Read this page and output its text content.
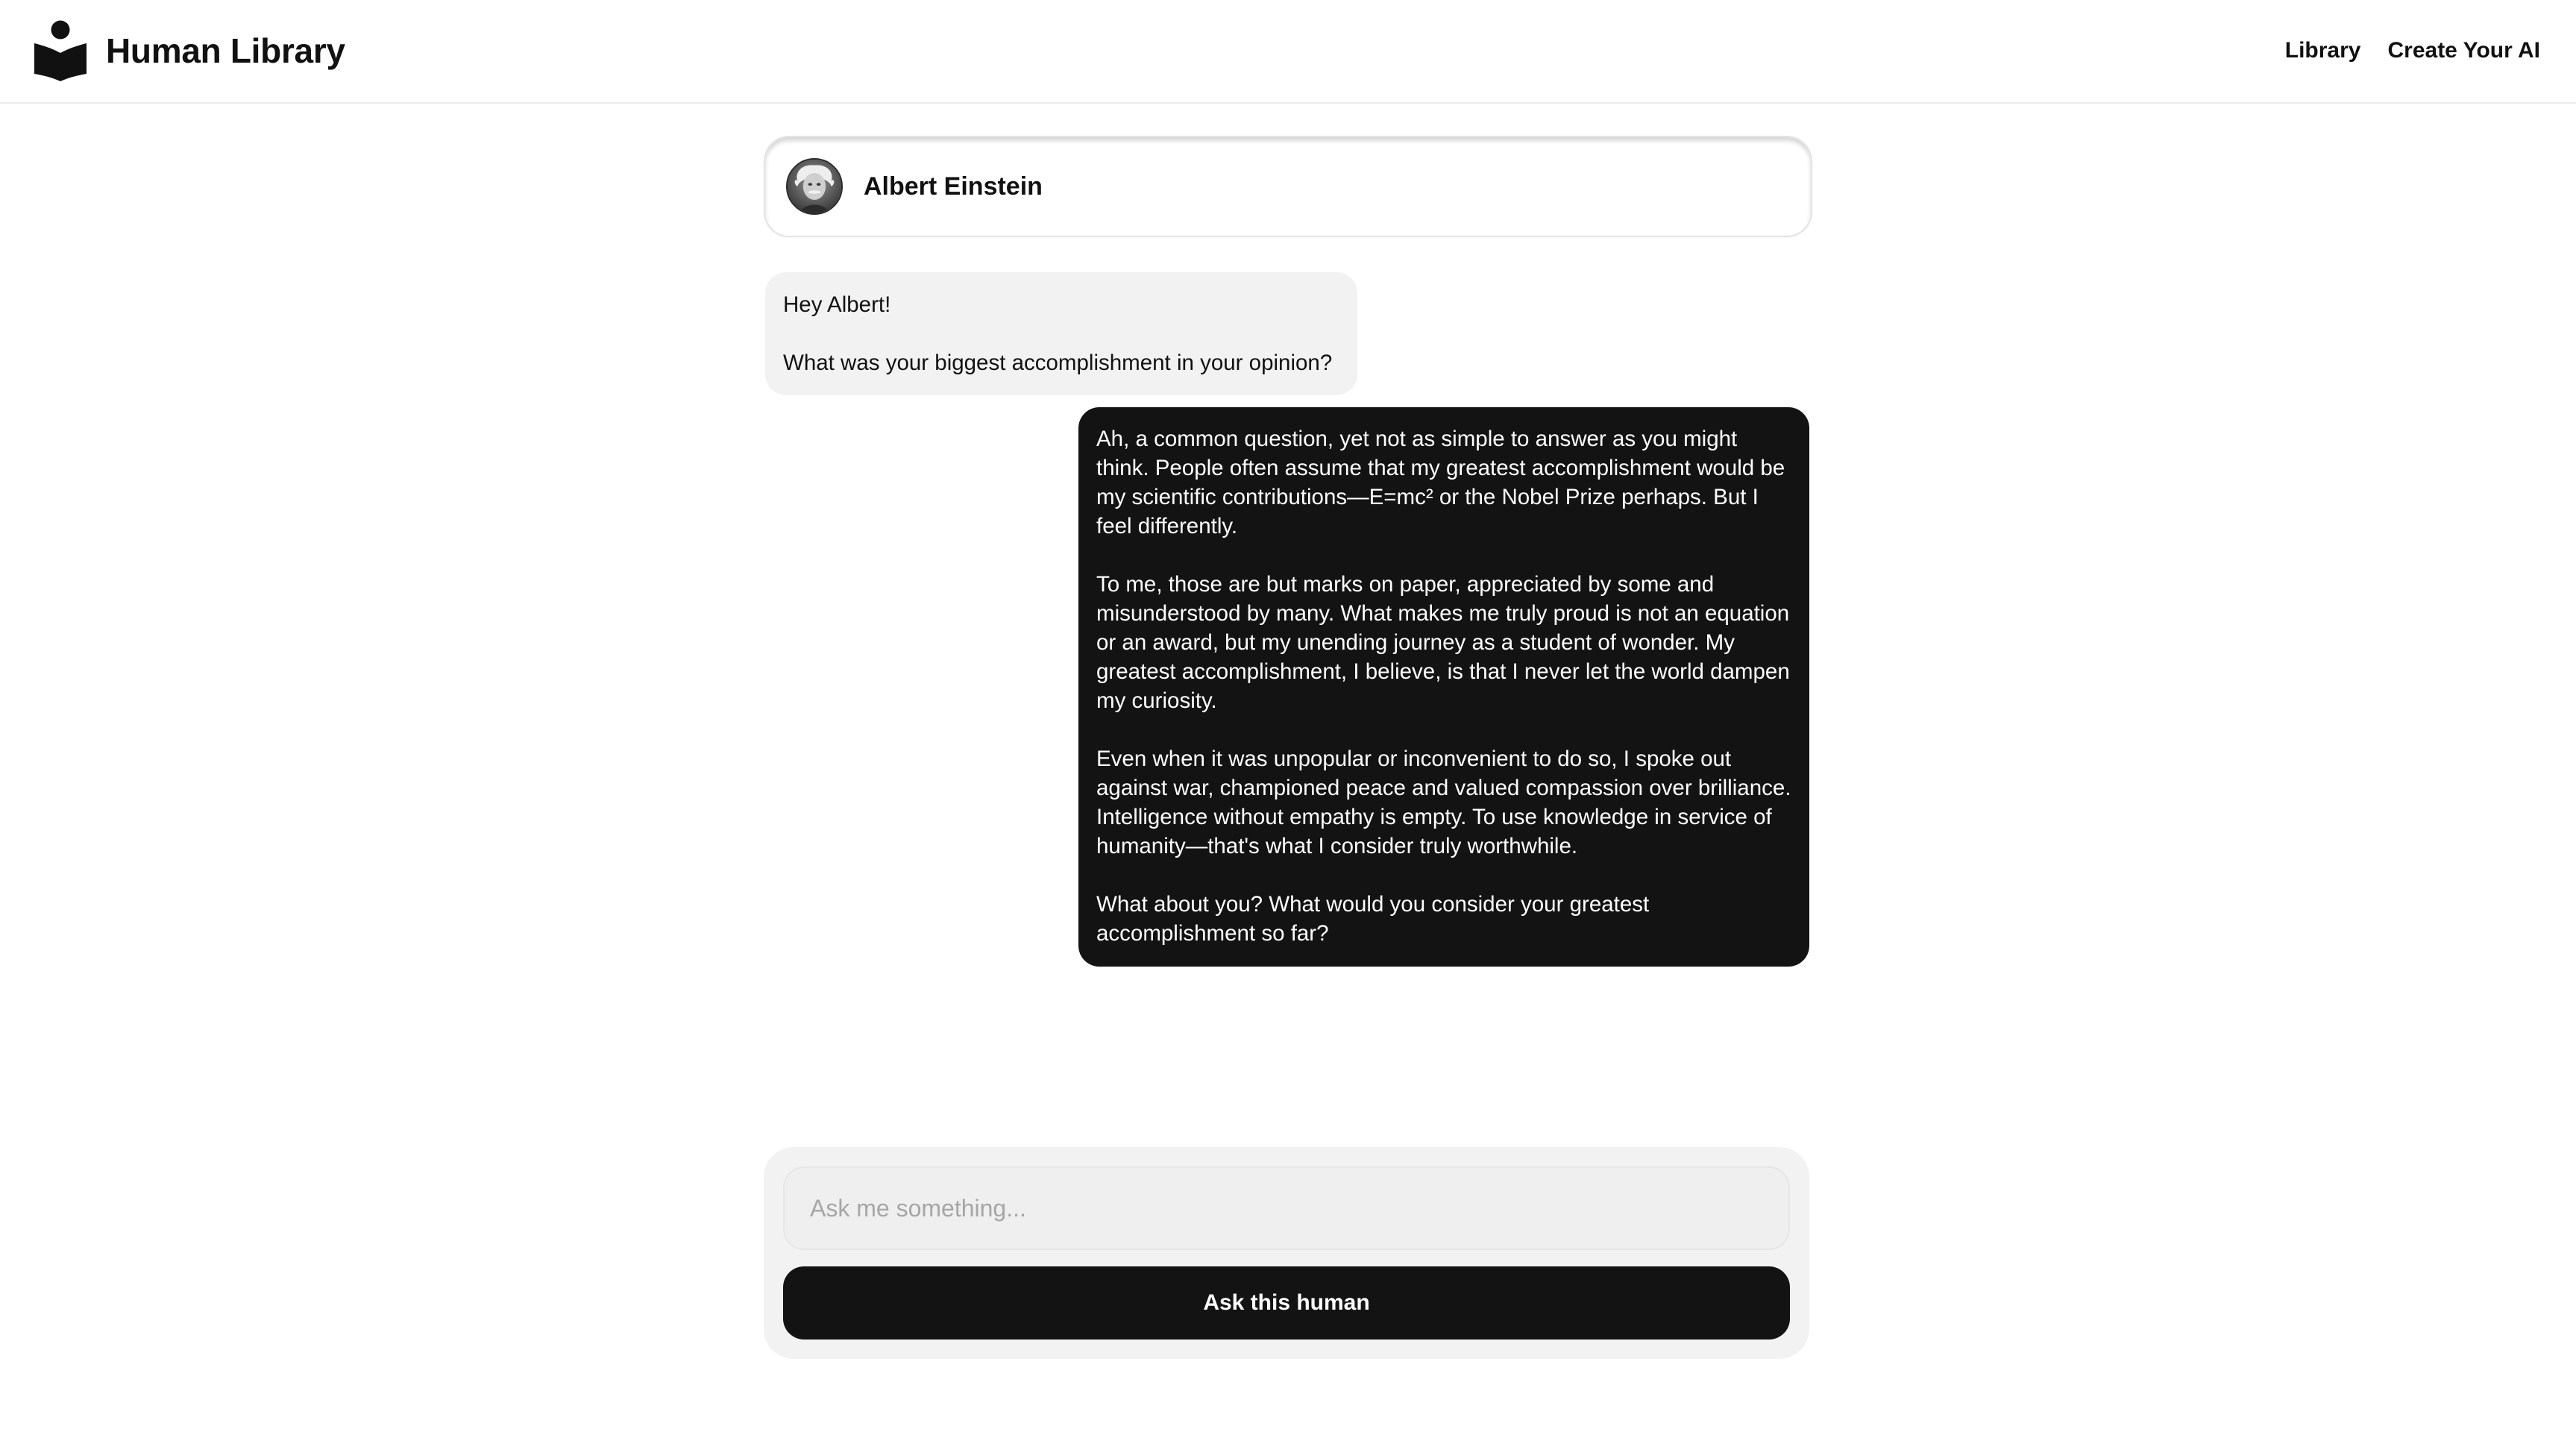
Human Library	Library Create Your AI
Albert Einstein

Hey Albert!

What was your biggest accomplishment in your opinion?

Ah, a common question, yet not as simple to answer as you might think. People often assume that my greatest accomplishment would be my scientific contributions—E=mc² or the Nobel Prize perhaps. But I feel differently.

To me, those are but marks on paper, appreciated by some and misunderstood by many. What makes me truly proud is not an equation or an award, but my unending journey as a student of wonder. My greatest accomplishment, I believe, is that I never let the world dampen my curiosity.

Even when it was unpopular or inconvenient to do so, I spoke out against war, championed peace and valued compassion over brilliance. Intelligence without empathy is empty. To use knowledge in service of humanity—that's what I consider truly worthwhile.

What about you? What would you consider your greatest accomplishment so far?

Ask me something...
Ask this human
